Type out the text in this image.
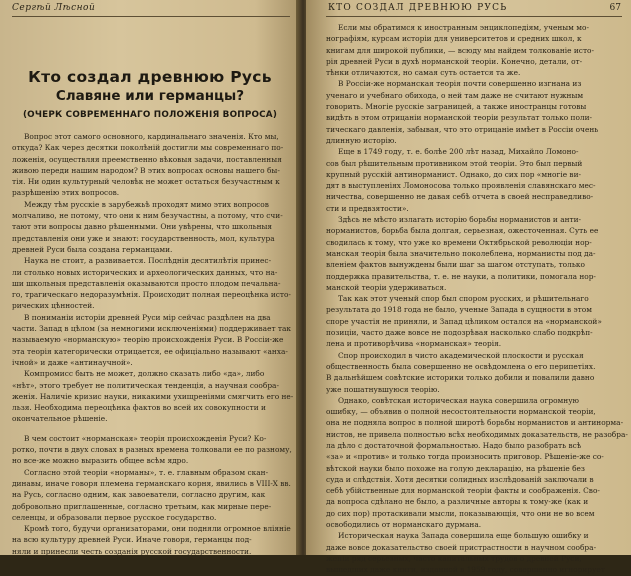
Сергѣй Лѣсной
Кто создал древнюю Русь
Славяне или германцы?
(ОЧЕРК СОВРЕМЕННАГО ПОЛОЖЕНІЯ ВОПРОСА)
Вопрос этот самого основного, кардинальнаго значенія. Кто мы,
откуда? Как через десятки поколѣній достигли мы современнаго по-
ложенія, осуществляя преемственно вѣковыя задачи, поставленныя
живою переди нашим народом? В этих вопросах основы нашего бы-
тія. Ни один культурный человѣк не может остаться безучастным к
разрѣшенію этих вопросов.
Между тѣм русскіе в зарубежьѣ проходят мимо этих вопросов
молчаливо, не потому, что они к ним безучастны, а потому, что счи-
тают эти вопросы давно рѣшенными. Они увѣрены, что школьныя
представленія они уже и знают: государственность, мол, культура
древней Руси была создана германцами.
Наука не стоит, а развивается. Послѣднія десятилѣтія принес-
ли столько новых исторических и археологических данных, что на-
ши школьныя представленія оказываются просто плодом печальна-
го, трагическаго недоразумѣнія. Происходит полная переоцѣнка исто-
рических цѣнностей.
В пониманіи исторіи древней Руси мір сейчас раздѣлен на два
части. Запад в цѣлом (за немногими исключеніями) поддерживает так
называемую «норманскую» теорію происхожденія Руси. В Россіи-же
эта теорія категорически отрицается, ее офиціально называют «анха-
ічной» и даже «антинаучной».
Компромисс быть не может, должно сказать либо «да», либо
«нѣт», этого требует не политическая тенденція, а научная сообра-
женія. Наличіе кризис науки, никакими ухищреніями смягчить его не-
льзя. Необходима переоцѣнка фактов во всей их совокупности и
окончательное рѣшеніе.
В чем состоит «норманская» теорія происхожденія Руси? Ко-
ротко, почти в двух словах в разных времена толковали ее по разному,
но все-же можно выразить общее всѣм ядро.
Согласно этой теоріи «норманы», т. е. главным образом скан-
динавы, иначе говоря племена германскаго корня, явились в VIII-X вв.
на Русь, согласно одним, как завоеватели, согласно другим, как
добровольно приглашенные, согласно третьим, как мирные пере-
селенцы, и образовали первое русское государство.
Кромѣ того, будучи организаторами, они подняли огромное вліяніе
на всю культуру древней Руси. Иначе говоря, германцы под-
няли и принесли честь созданія русской государственности.
КТО СОЗДАЛ ДРЕВНЮЮ РУСЬ	67
Если мы обратимся к иностранным энциклопедіям, ученым мо-
нографіям, курсам исторіи для университетов и средних школ, к
книгам для широкой публики, — всюду мы найдем толкованіе исто-
рія древней Руси в духѣ норманской теоріи. Конечно, детали, от-
тѣнки отличаются, но самая суть остается та же.
В Россіи-же норманская теорія почти совершенно изгнана из
ученаго и учебнаго обихода, о ней там даже не считают нужным
говорить. Многіе русскіе заграницей, а также иностранцы готовы
видѣть в этом отрицаніи норманской теоріи результат только поли-
тическаго давленія, забывая, что это отрицаніе имѣет в Россіи очень
длинную исторію.
Еще в 1749 году, т. е. болѣе 200 лѣт назад, Михайло Ломоно-
сов был рѣшительным противником этой теоріи. Это был первый
крупный русскій антинорманист. Однако, до сих пор «многіе ви-
дят в выступленіях Ломоносова только проявленія славянскаго мес-
ничества, совершенно не давая себѣ отчета в своей несправедливо-
сти и предвзятости».
Здѣсь не мѣсто излагать исторію борьбы норманистов и анти-
норманистов, борьба была долгая, серьезная, ожесточенная. Суть ее
сводилась к тому, что уже ко времени Октябрьской революціи нор-
манская теорія была значительно поколеблена, норманисты под да-
вленіем фактов вынуждены были шаг за шагом отступать, только
поддержка правительства, т. е. не науки, а политики, помогала нор-
манской теоріи удерживаться.
Так как этот ученый спор был спором русских, и рѣшительнаго
результата до 1918 года не было, ученые Запада в сущности в этом
споре участія не приняли, и Запад цѣликом остался на «норманской»
позиціи, часто даже вовсе не подозрѣвая насколько слабо подкрѣп-
лена и противорѣчива «норманская» теорія.
Спор происходил в чисто академической плоскости и русская
общественность была совершенно не освѣдомлена о его перипетіях.
В дальнѣйшем совѣтские историки только добили и повалили давно
уже пошатнувшуюся теорію.
Однако, совѣтская историческая наука совершила огромную
ошибку, — объявив о полной несостоятельности норманской теоріи,
она не подняла вопрос в полной широтѣ борьбы норманистов и антинорма-
нистов, не привела полностью всѣх необходимых доказательств, не разобра-
ла дѣло с достаточной формальностью. Надо было разобрать всѣ
«за» и «против» и только тогда произносить приговор. Рѣшеніе-же со-
вѣтской науки было похоже на голую декларацію, на рѣшеніе без
суда и слѣдствія. Хотя десятки солидных изслѣдованій заключали в
себѣ убійственные для норманской теоріи факты и соображенія. Сво-
да вопроса сдѣлано не было, а различные авторы к тому-же (как и
до сих пор) протаскивали мысли, показывающія, что они не во всем
освободились от норманскаго дурмана.
Историческая наука Запада совершила еще большую ошибку и
даже вовсе доказательство своей пристрастности в научном сообра-
женіи ряд серьезных, часто капитальных трудов о древней Руси,
вышедших даже книги, изданной в 1959 году, совершенно игнорирует
